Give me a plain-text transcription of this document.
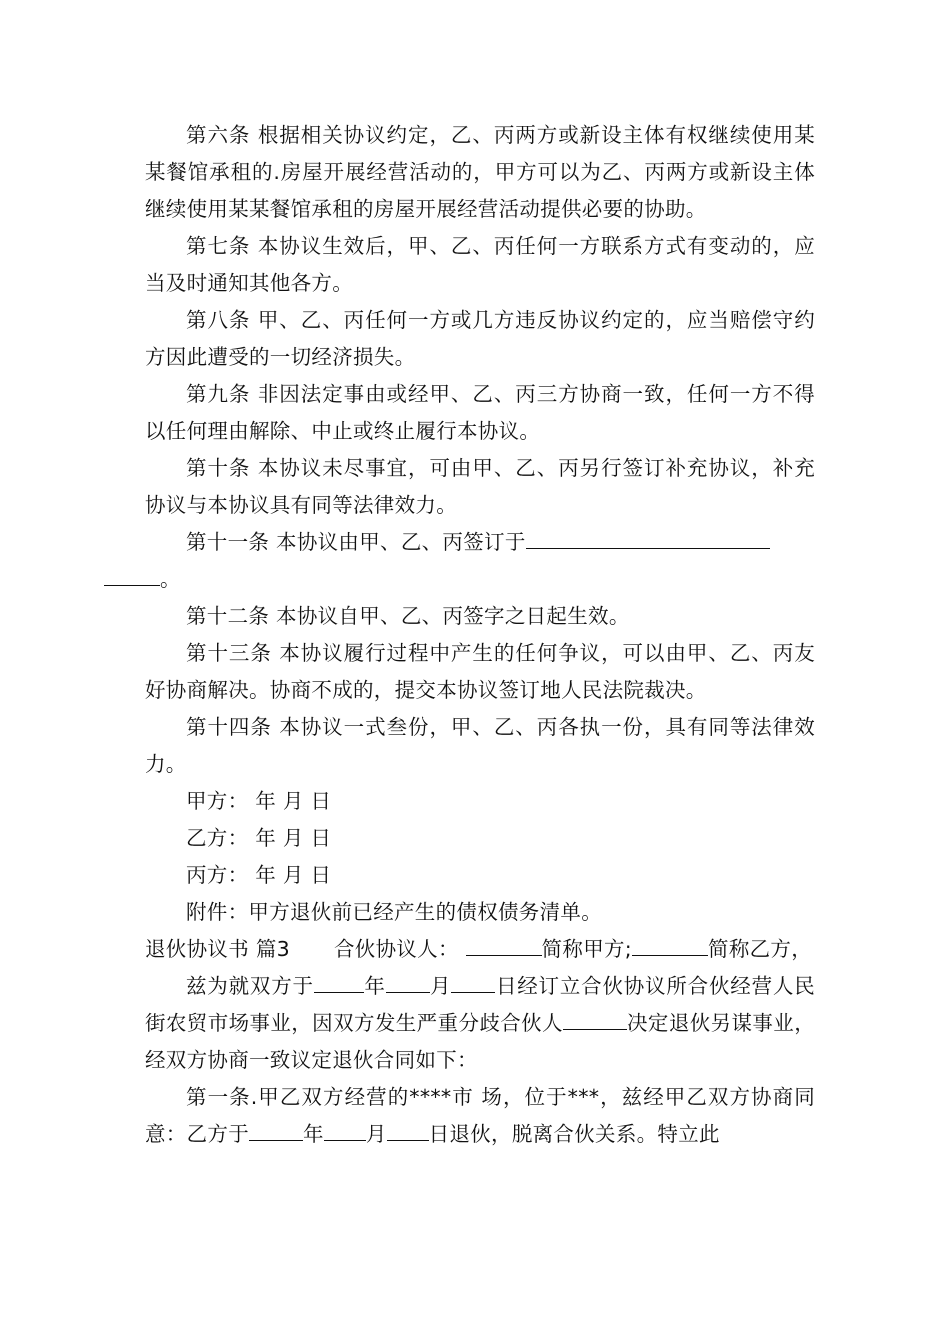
第六条 根据相关协议约定，乙、丙两方或新设主体有权继续使用某某餐馆承租的.房屋开展经营活动的，甲方可以为乙、丙两方或新设主体继续使用某某餐馆承租的房屋开展经营活动提供必要的协助。

第七条 本协议生效后，甲、乙、丙任何一方联系方式有变动的，应当及时通知其他各方。

第八条 甲、乙、丙任何一方或几方违反协议约定的，应当赔偿守约方因此遭受的一切经济损失。

第九条 非因法定事由或经甲、乙、丙三方协商一致，任何一方不得以任何理由解除、中止或终止履行本协议。

第十条 本协议未尽事宜，可由甲、乙、丙另行签订补充协议，补充协议与本协议具有同等法律效力。

第十一条 本协议由甲、乙、丙签订于
。

第十二条 本协议自甲、乙、丙签字之日起生效。

第十三条 本协议履行过程中产生的任何争议，可以由甲、乙、丙友好协商解决。协商不成的，提交本协议签订地人民法院裁决。

第十四条 本协议一式叁份，甲、乙、丙各执一份，具有同等法律效力。

甲方： 年 月 日

乙方： 年 月 日

丙方： 年 月 日

附件：甲方退伙前已经产生的债权债务清单。

退伙协议书 篇3 合伙协议人：	简称甲方;	简称乙方，

兹为就双方于 年 月 日经订立合伙协议所合伙经营人民 街农贸市场事业，因双方发生严重分歧合伙人	决定退伙另谋事业，经双方协商一致议定退伙合同如下：

第一条.甲乙双方经营的****市 场，位于***，兹经甲乙双方协商同意：乙方于	年 月 日退伙，脱离合伙关系。特立此
